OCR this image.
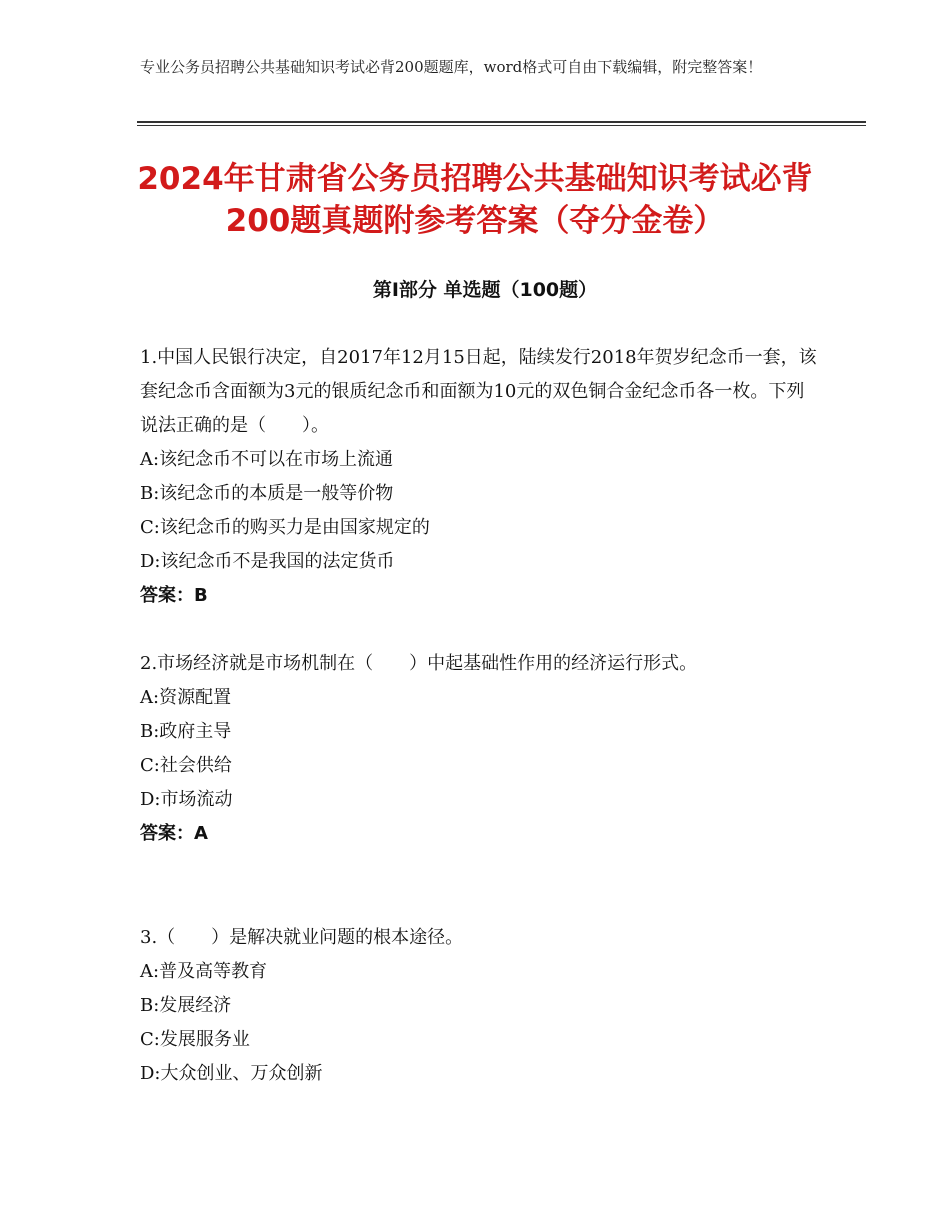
专业公务员招聘公共基础知识考试必背200题题库，word格式可自由下载编辑，附完整答案！
2024年甘肃省公务员招聘公共基础知识考试必背200题真题附参考答案（夺分金卷）
第Ⅰ部分 单选题（100题）

1.中国人民银行决定，自2017年12月15日起，陆续发行2018年贺岁纪念币一套，该套纪念币含面额为3元的银质纪念币和面额为10元的双色铜合金纪念币各一枚。下列说法正确的是（　　）。

A:该纪念币不可以在市场上流通

B:该纪念币的本质是一般等价物

C:该纪念币的购买力是由国家规定的

D:该纪念币不是我国的法定货币

答案：B

2.市场经济就是市场机制在（　　）中起基础性作用的经济运行形式。

A:资源配置

B:政府主导

C:社会供给

D:市场流动

答案：A

3.（　　）是解决就业问题的根本途径。

A:普及高等教育

B:发展经济

C:发展服务业

D:大众创业、万众创新
